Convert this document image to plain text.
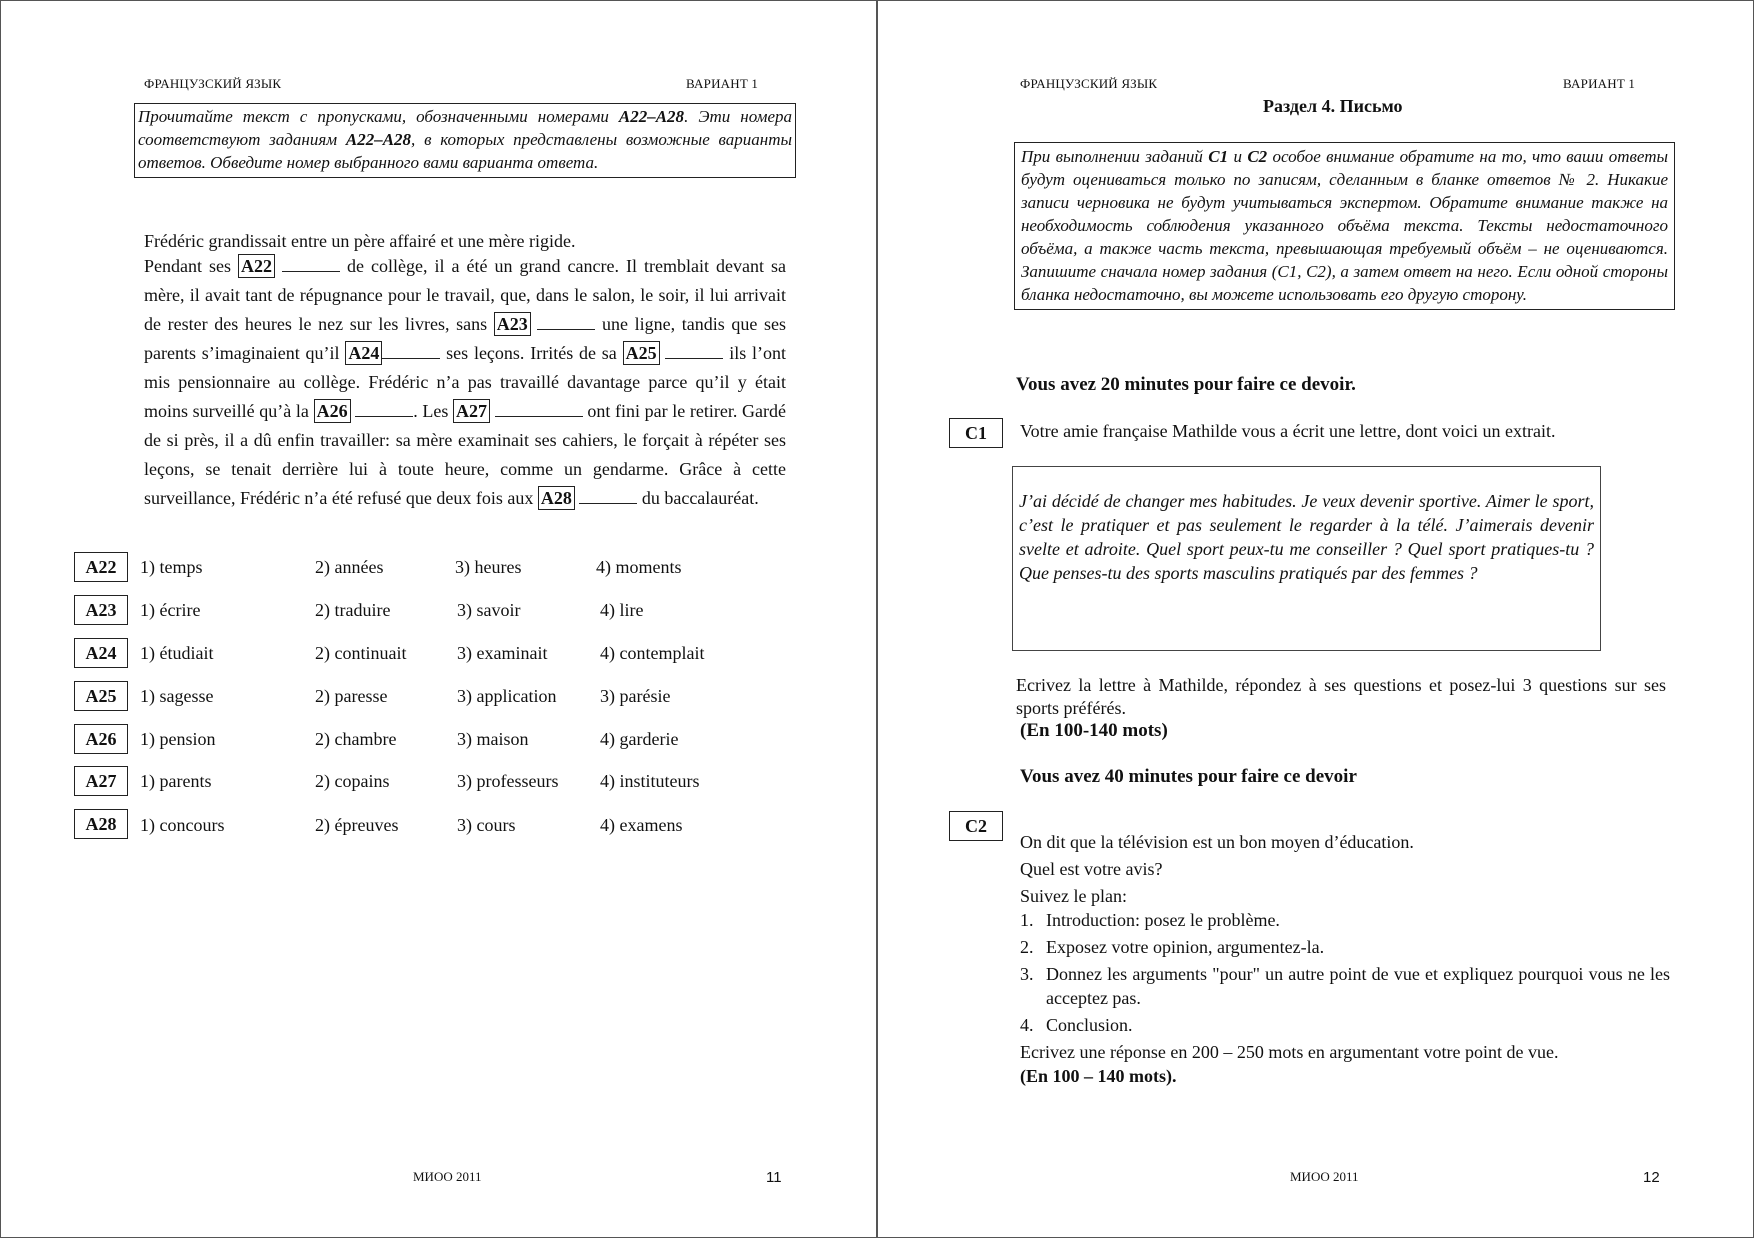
ФРАНЦУЗСКИЙ ЯЗЫК	ВАРИАНТ 1
Прочитайте текст с пропусками, обозначенными номерами A22–A28. Эти номера соответствуют заданиям A22–A28, в которых представлены возможные варианты ответов. Обведите номер выбранного вами варианта ответа.
Frédéric grandissait entre un père affairé et une mère rigide.
Pendant ses A22	de collège, il a été un grand cancre. Il tremblait devant sa mère, il avait tant de répugnance pour le travail, que, dans le salon, le soir, il lui arrivait de rester des heures le nez sur les livres, sans A23	une ligne, tandis que ses parents s’imaginaient qu’il A24	ses leçons. Irrités de sa A25	ils l’ont mis pensionnaire au collège. Frédéric n’a pas travaillé davantage parce qu’il y était moins surveillé qu’à la A26	. Les A27	ont fini par le retirer. Gardé de si près, il a dû enfin travailler: sa mère examinait ses cahiers, le forçait à répéter ses leçons, se tenait derrière lui à toute heure, comme un gendarme. Grâce à cette surveillance, Frédéric n’a été refusé que deux fois aux A28	du baccalauréat.
A22	1) temps	2) années	3) heures	4) moments
A23	1) écrire	2) traduire	3) savoir	4) lire
A24	1) étudiait	2) continuait	3) examinait	4) contemplait
A25	1) sagesse	2) paresse	3) application 3) parésie
A26	1) pension	2) chambre	3) maison	4) garderie
A27	1) parents	2) copains	3) professeurs 4) instituteurs
A28	1) concours	2) épreuves	3) cours	4) examens
МИОО 2011	11
ФРАНЦУЗСКИЙ ЯЗЫК	ВАРИАНТ 1
Раздел 4. Письмо
При выполнении заданий C1 и C2 особое внимание обратите на то, что ваши ответы будут оцениваться только по записям, сделанным в бланке ответов № 2. Никакие записи черновика не будут учитываться экспертом. Обратите внимание также на необходимость соблюдения указанного объёма текста. Тексты недостаточного объёма, а также часть текста, превышающая требуемый объём – не оцениваются. Запишите сначала номер задания (C1, C2), а затем ответ на него. Если одной стороны бланка недостаточно, вы можете использовать его другую сторону.
Vous avez 20 minutes pour faire ce devoir.
C1	Votre amie française Mathilde vous a écrit une lettre, dont voici un extrait.
J’ai décidé de changer mes habitudes. Je veux devenir sportive. Aimer le sport, c’est le pratiquer et pas seulement le regarder à la télé. J’aimerais devenir svelte et adroite. Quel sport peux-tu me conseiller ? Quel sport pratiques-tu ? Que penses-tu des sports masculins pratiqués par des femmes ?
Ecrivez la lettre à Mathilde, répondez à ses questions et posez-lui 3 questions sur ses sports préférés.
(En 100-140 mots)
Vous avez 40 minutes pour faire ce devoir
C2
On dit que la télévision est un bon moyen d’éducation.
Quel est votre avis?
Suivez le plan:
1. Introduction: posez le problème.
2. Exposez votre opinion, argumentez-la.
3. Donnez les arguments "pour" un autre point de vue et expliquez pourquoi vous ne les acceptez pas.
4. Conclusion.
Ecrivez une réponse en 200 – 250 mots en argumentant votre point de vue.
(En 100 – 140 mots).
МИОО 2011	12
